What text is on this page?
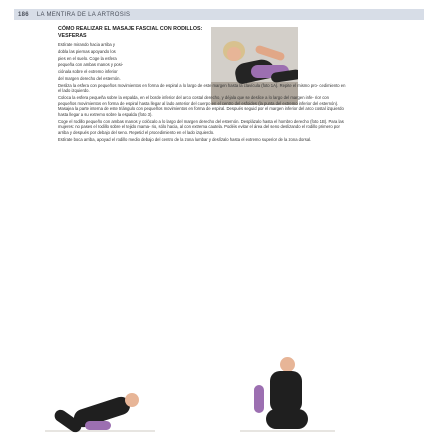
186 LA MENTIRA DE LA ARTROSIS

CÓMO REALIZAR EL MASAJE FASCIAL CON RODILLOS: VESFERAS

Estírate mirando hacia arriba y

dobla las piernas apoyando los

pies en el suelo. Coge la esfera

pequeña con ambas manos y posi-

ciónala sobre el extremo inferior

del margen derecho del esternón.

Desliza la esfera con pequeños movimientos en forma de espiral a lo largo de este margen hasta la clavícula (foto 1A). Repite el mismo pro- cedimiento en el lado izquierdo.

Coloca la esfera pequeña sobre la espalda, en el borde inferior del arco costal derecho, y déjala que se deslice a lo largo del margen infe- rior con pequeños movimientos en forma de espiral hasta llegar al lado anterior del cuerpo en el centro del esfoides (la punta del extremo inferior del esternón). Masajea la parte interna de este triángulo con pequeños movimientos en forma de espiral. Después seguid por el margen inferior del arco costal izquierdo hasta llegar a su extremo sobre la espalda (foto 3).

Coge el rodillo pequeño con ambas manos y colócalo a lo largo del margen derecho del esternón. Desplázalo hasta el hombro derecho (foto 1B). Para las mujeres: no pases el rodillo sobre el tejido mama- rio, sólo hacia, al con extrema cautela. Podéis evitar el área del seno deslizando el rodillo primero por arriba y después por debajo del seno. Repetid el procedimiento en el lado izquierdo.

Estírate boca arriba, apoyad el rodillo medio debajo del centro de la zona lumbar y deslízalo hasta el extremo superior de la zona dorsal.
